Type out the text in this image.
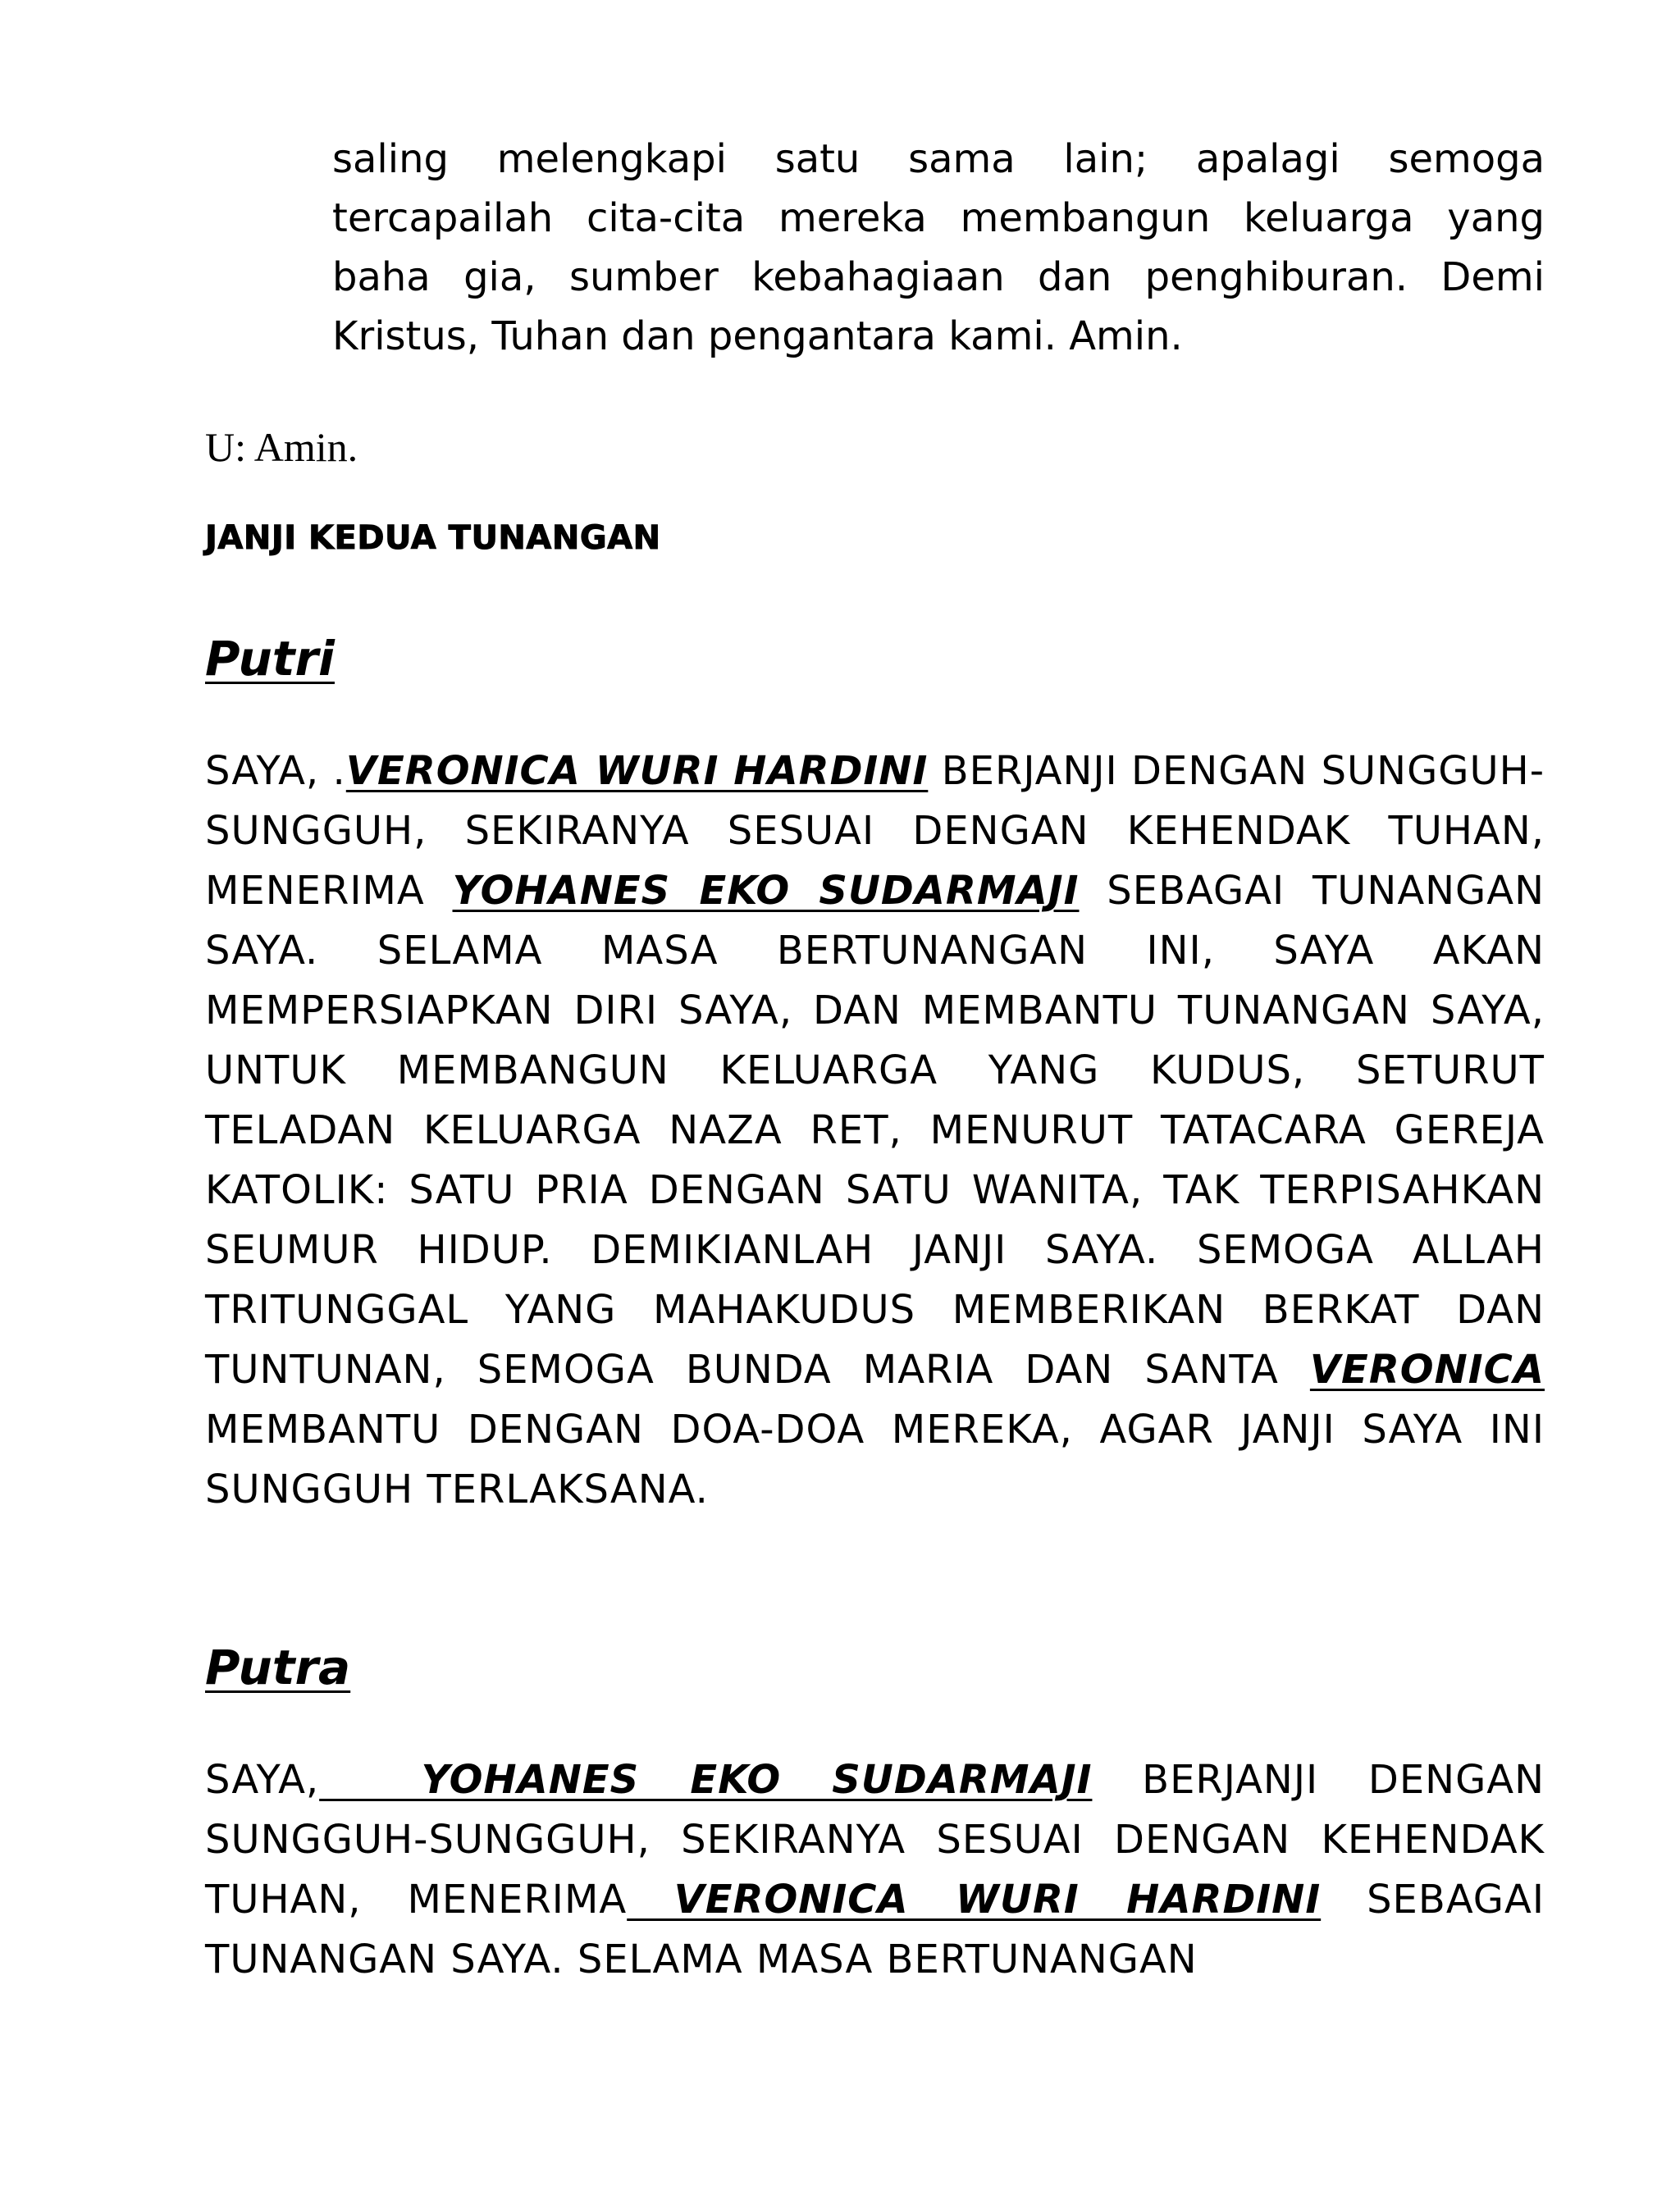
saling melengkapi satu sama lain; apalagi semoga tercapailah cita-cita mereka membangun keluarga yang baha gia, sumber kebahagiaan dan penghiburan. Demi Kristus, Tuhan dan pengantara kami. Amin.

U: Amin.

JANJI KEDUA TUNANGAN
Putri

SAYA, .VERONICA WURI HARDINI BERJANJI DENGAN SUNGGUH-SUNGGUH, SEKIRANYA SESUAI DENGAN KEHENDAK TUHAN, MENERIMA YOHANES EKO SUDARMAJI SEBAGAI TUNANGAN SAYA. SELAMA MASA BERTUNANGAN INI, SAYA AKAN MEMPERSIAPKAN DIRI SAYA, DAN MEMBANTU TUNANGAN SAYA, UNTUK MEMBANGUN KELUARGA YANG KUDUS, SETURUT TELADAN KELUARGA NAZA RET, MENURUT TATACARA GEREJA KATOLIK: SATU PRIA DENGAN SATU WANITA, TAK TERPISAHKAN SEUMUR HIDUP. DEMIKIANLAH JANJI SAYA. SEMOGA ALLAH TRITUNGGAL YANG MAHAKUDUS MEMBERIKAN BERKAT DAN TUNTUNAN, SEMOGA BUNDA MARIA DAN SANTA VERONICA MEMBANTU DENGAN DOA-DOA MEREKA, AGAR JANJI SAYA INI SUNGGUH TERLAKSANA.

Putra

SAYA,  YOHANES EKO SUDARMAJI BERJANJI DENGAN SUNGGUH-SUNGGUH, SEKIRANYA SESUAI DENGAN KEHENDAK TUHAN, MENERIMA VERONICA WURI HARDINI SEBAGAI TUNANGAN SAYA. SELAMA MASA BERTUNANGAN
